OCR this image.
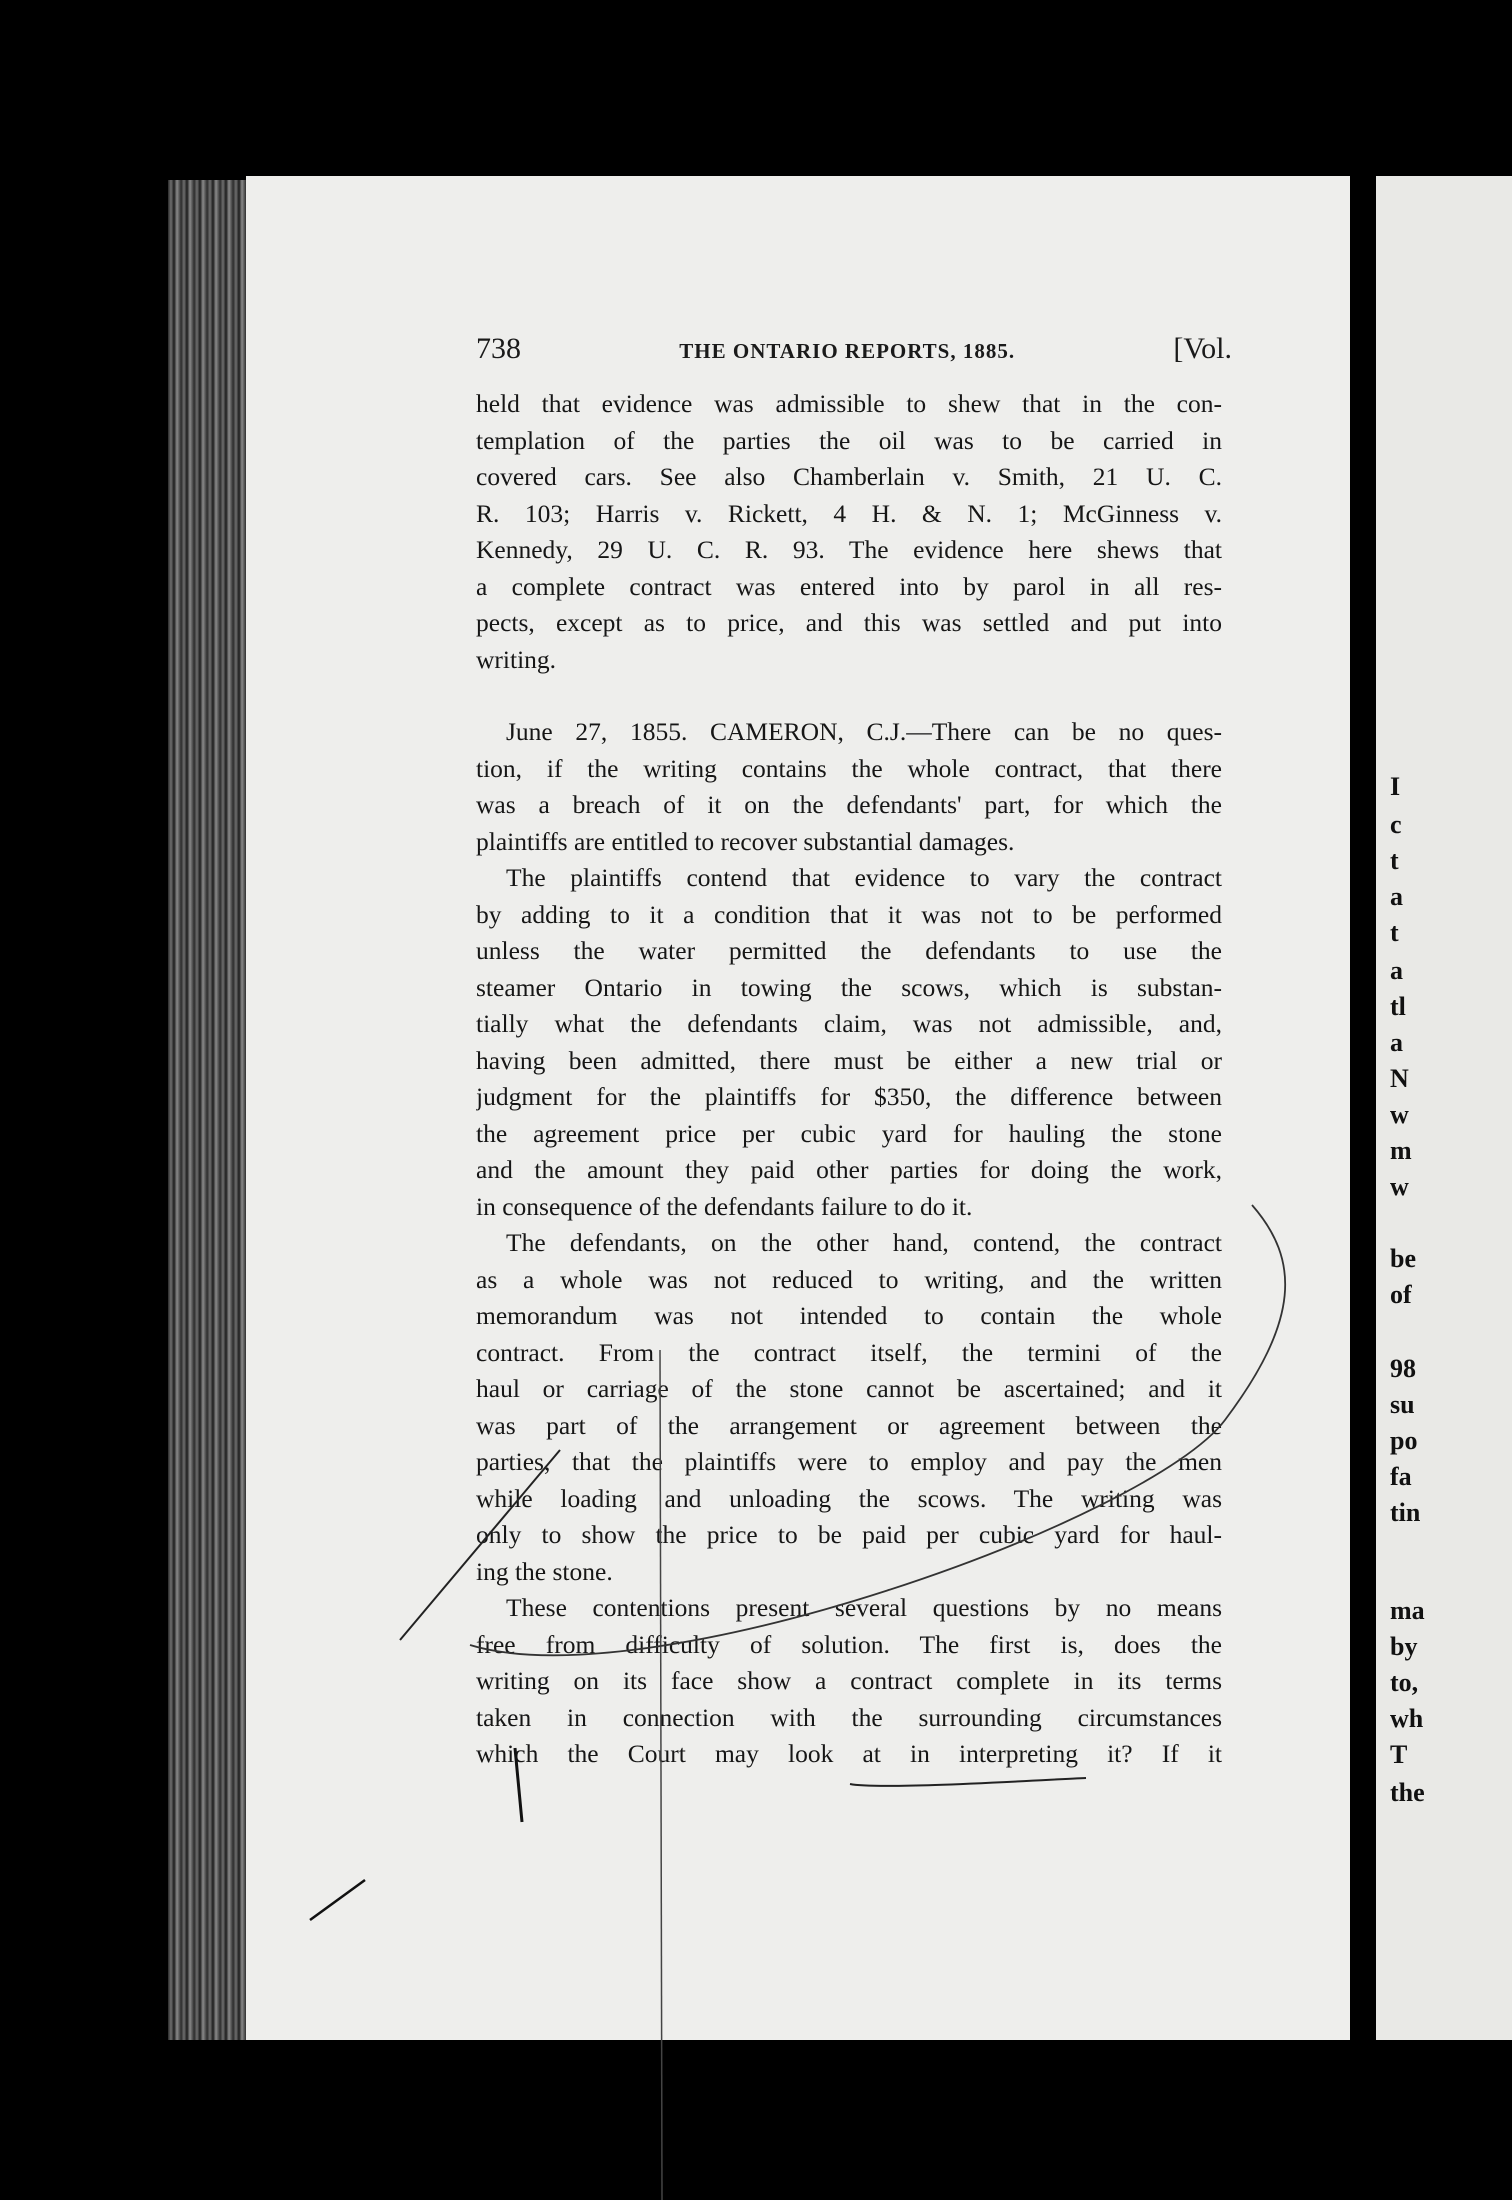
I
c
t
a
t
a
tl
a
N
w
m
w
be
of
98
su
po
fa
tin
ma
by
to,
wh
T
the
738	THE ONTARIO REPORTS, 1885.	[Vol.
held that evidence was admissible to shew that in the con-
templation of the parties the oil was to be carried in
covered cars. See also Chamberlain v. Smith, 21 U. C.
R. 103; Harris v. Rickett, 4 H. & N. 1; McGinness v.
Kennedy, 29 U. C. R. 93. The evidence here shews that
a complete contract was entered into by parol in all res-
pects, except as to price, and this was settled and put into
writing.
June 27, 1855. CAMERON, C.J.—There can be no ques-
tion, if the writing contains the whole contract, that there
was a breach of it on the defendants' part, for which the
plaintiffs are entitled to recover substantial damages.
The plaintiffs contend that evidence to vary the contract
by adding to it a condition that it was not to be performed
unless the water permitted the defendants to use the
steamer Ontario in towing the scows, which is substan-
tially what the defendants claim, was not admissible, and,
having been admitted, there must be either a new trial or
judgment for the plaintiffs for $350, the difference between
the agreement price per cubic yard for hauling the stone
and the amount they paid other parties for doing the work,
in consequence of the defendants failure to do it.
The defendants, on the other hand, contend, the contract
as a whole was not reduced to writing, and the written
memorandum was not intended to contain the whole
contract. From the contract itself, the termini of the
haul or carriage of the stone cannot be ascertained; and it
was part of the arrangement or agreement between the
parties, that the plaintiffs were to employ and pay the men
while loading and unloading the scows. The writing was
only to show the price to be paid per cubic yard for haul-
ing the stone.
These contentions present several questions by no means
free from difficulty of solution. The first is, does the
writing on its face show a contract complete in its terms
taken in connection with the surrounding circumstances
which the Court may look at in interpreting it? If it
